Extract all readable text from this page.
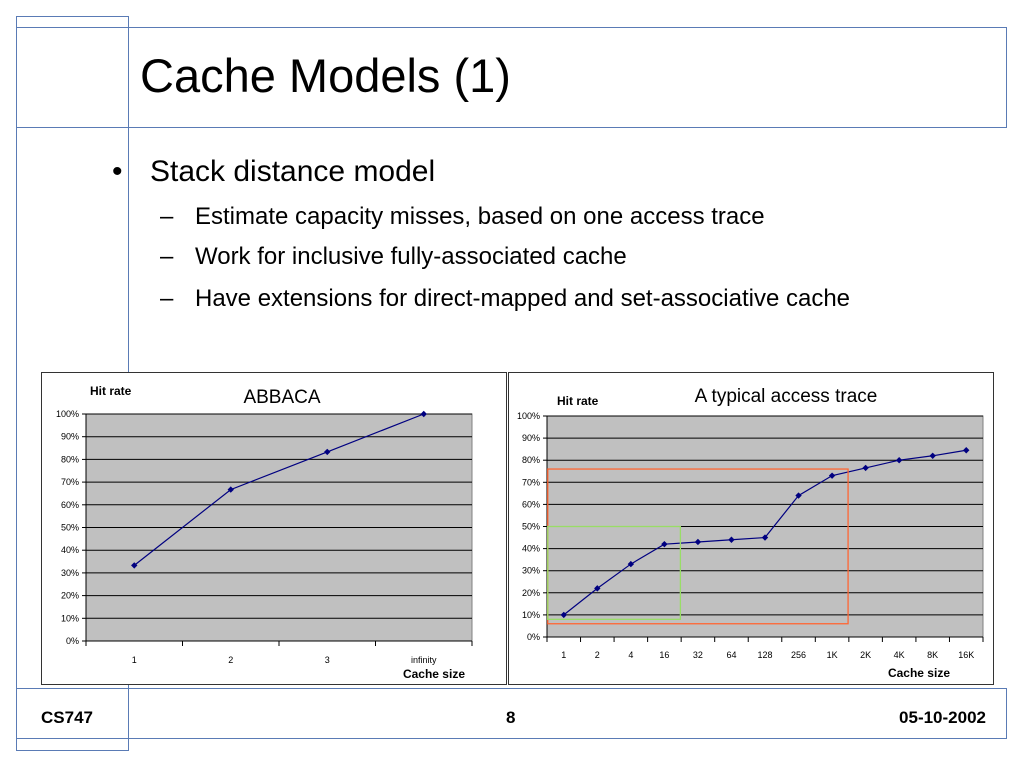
Cache Models (1)
• Stack distance model
– Estimate capacity misses, based on one access trace
– Work for inclusive fully-associated cache
– Have extensions for direct-mapped and set-associative cache
0%
10%
20%
30%
40%
50%
60%
70%
80%
90%
100%
1	2	3	infinity
ABBACA
Hit rate
Cache size
0%
10%
20%
30%
40%
50%
60%
70%
80%
90%
100%
1	2	4	16	32	64 128 256 1K	2K	4K	8K 16K
A typical access trace
Hit rate
Cache size
CS747	8	05-10-2002
